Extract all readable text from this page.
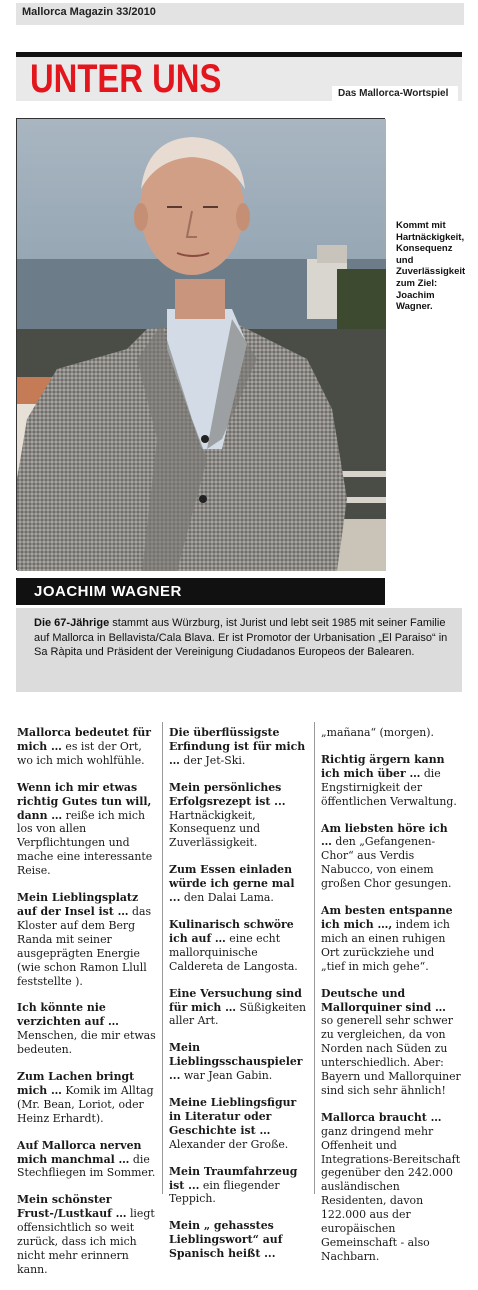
Mallorca Magazin 33/2010
UNTER UNS	Das Mallorca-Wortspiel
Kommt mit Hartnäckigkeit, Konsequenz und Zuverlässigkeit zum Ziel: Joachim Wagner.
JOACHIM WAGNER
Die 67-Jährige stammt aus Würzburg, ist Jurist und lebt seit 1985 mit seiner Familie auf Mallorca in Bellavista/Cala Blava. Er ist Promotor der Urbanisation „El Paraiso“ in Sa Ràpita und Präsident der Vereinigung Ciudadanos Europeos der Balearen.
Mallorca bedeutet für mich … es ist der Ort, wo ich mich wohlfühle.
Wenn ich mir etwas richtig Gutes tun will, dann … reiße ich mich los von allen Verpflichtungen und mache eine interessante Reise.
Mein Lieblingsplatz auf der Insel ist … das Kloster auf dem Berg Randa mit seiner ausgeprägten Energie (wie schon Ramon Llull feststellte ).
Ich könnte nie verzichten auf … Menschen, die mir etwas bedeuten.
Zum Lachen bringt mich … Komik im Alltag (Mr. Bean, Loriot, oder Heinz Erhardt).
Auf Mallorca nerven mich manchmal … die Stechfliegen im Sommer.
Mein schönster Frust-/Lustkauf … liegt offensichtlich so weit zurück, dass ich mich nicht mehr erinnern kann.
Die überflüssigste Erfindung ist für mich … der Jet-Ski.
Mein persönliches Erfolgsrezept ist ... Hartnäckigkeit, Konsequenz und Zuverlässigkeit.
Zum Essen einladen würde ich gerne mal ... den Dalai Lama.
Kulinarisch schwöre ich auf … eine echt mallorquinische Caldereta de Langosta.
Eine Versuchung sind für mich … Süßigkeiten aller Art.
Mein Lieblingsschauspieler ... war Jean Gabin.
Meine Lieblingsfigur in Literatur oder Geschichte ist … Alexander der Große.
Mein Traumfahrzeug ist ... ein fliegender Teppich.
Mein „ gehasstes Lieblingswort“ auf Spanisch heißt ...
„mañana“ (morgen).
Richtig ärgern kann ich mich über … die Engstirnigkeit der öffentlichen Verwaltung.
Am liebsten höre ich … den „Gefangenen-Chor“ aus Verdis Nabucco, von einem großen Chor gesungen.
Am besten entspanne ich mich …, indem ich mich an einen ruhigen Ort zurückziehe und „tief in mich gehe“.
Deutsche und Mallorquiner sind … so generell sehr schwer zu vergleichen, da von Norden nach Süden zu unterschiedlich. Aber: Bayern und Mallorquiner sind sich sehr ähnlich!
Mallorca braucht … ganz dringend mehr Offenheit und Integrations-Bereitschaft gegenüber den 242.000 ausländischen Residenten, davon 122.000 aus der europäischen Gemeinschaft - also Nachbarn.
